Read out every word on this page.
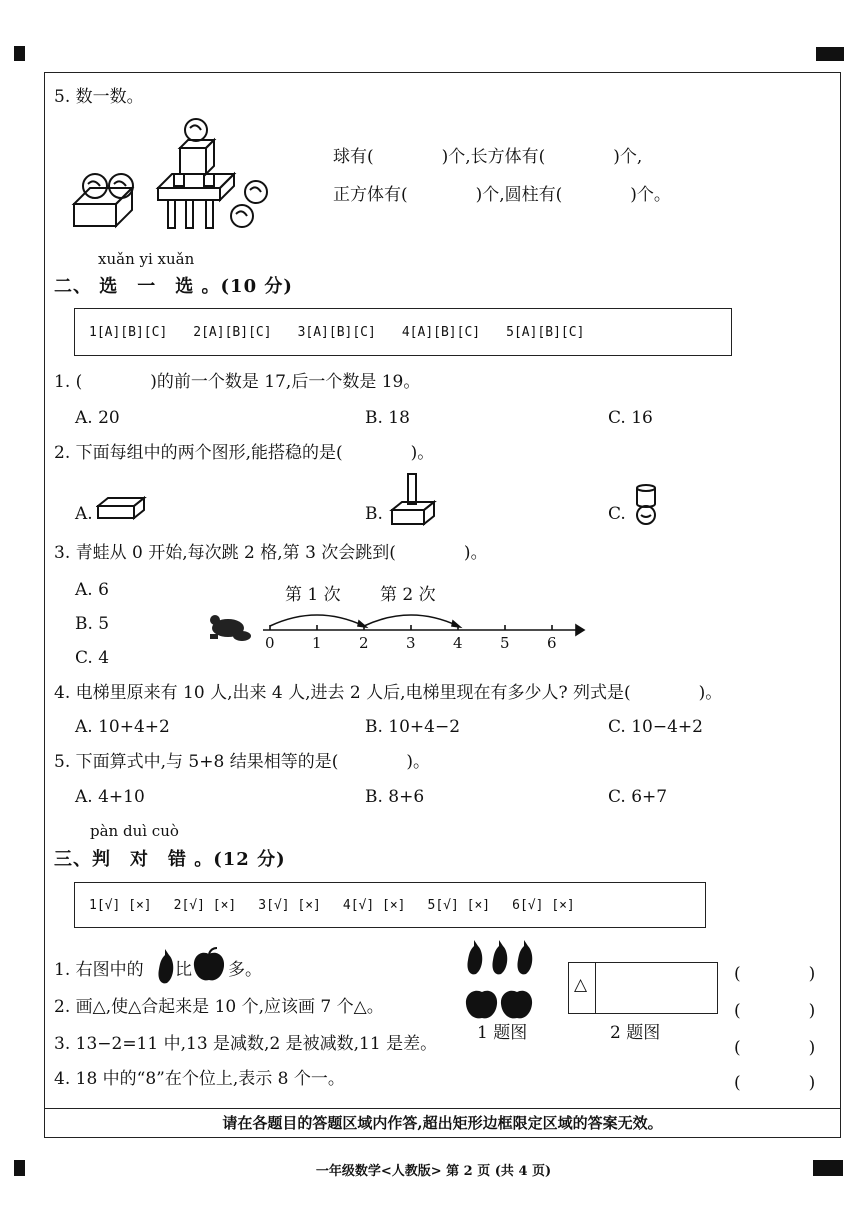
5. 数一数。
球有(　　　　)个,长方体有(　　　　)个,
正方体有(　　　　)个,圆柱有(　　　　)个。
xuǎn yi xuǎn
二、 选　一　选 。(10 分)
1[A][B][C] 2[A][B][C] 3[A][B][C] 4[A][B][C] 5[A][B][C]
1. (　　　　)的前一个数是 17,后一个数是 19。
A. 20	B. 18	C. 16
2. 下面每组中的两个图形,能搭稳的是(　　　　)。
A.	B.	C.
3. 青蛙从 0 开始,每次跳 2 格,第 3 次会跳到(　　　　)。
A. 6
B. 5
C. 4
第 1 次 第 2 次
0 1 2 3 4 5 6
4. 电梯里原来有 10 人,出来 4 人,进去 2 人后,电梯里现在有多少人? 列式是(　　　　)。
A. 10+4+2	B. 10+4−2	C. 10−4+2
5. 下面算式中,与 5+8 结果相等的是(　　　　)。
A. 4+10	B. 8+6	C. 6+7
pàn duì cuò
三、判　对　错 。(12 分)
1[√] [×] 2[√] [×] 3[√] [×] 4[√] [×] 5[√] [×] 6[√] [×]
1. 右图中的 比 多。
1 题图
△
2 题图
2. 画△,使△合起来是 10 个,应该画 7 个△。
3. 13−2=11 中,13 是减数,2 是被减数,11 是差。
4. 18 中的“8”在个位上,表示 8 个一。
(　　　　)
(　　　　)
(　　　　)
(　　　　)
请在各题目的答题区域内作答,超出矩形边框限定区域的答案无效。
一年级数学<人教版> 第 2 页 (共 4 页)
